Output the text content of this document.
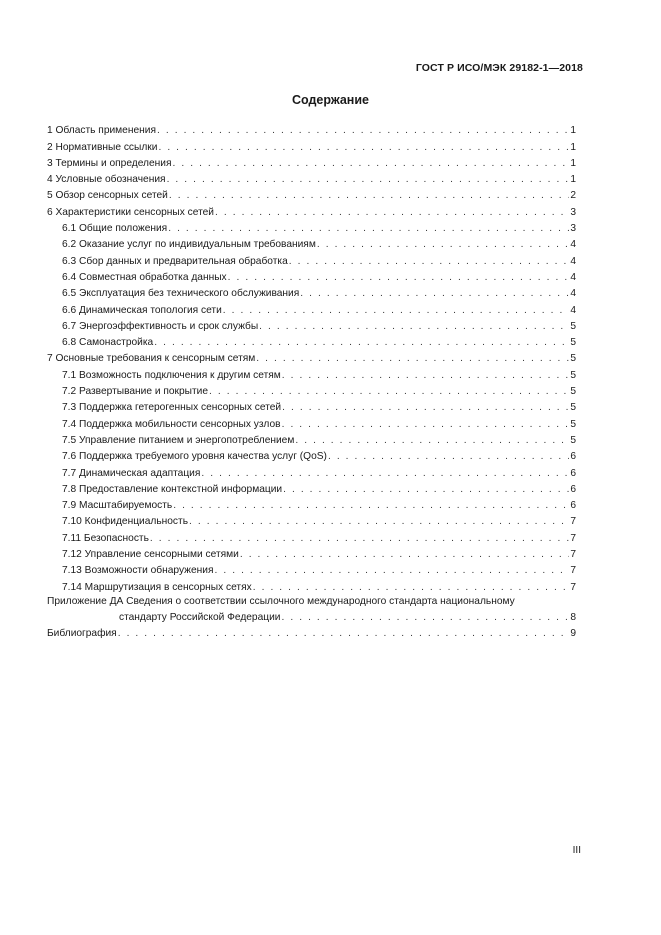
ГОСТ Р ИСО/МЭК 29182-1—2018
Содержание
1 Область применения . . .	1
2 Нормативные ссылки . . .	1
3 Термины и определения . . .	1
4 Условные обозначения . . .	1
5 Обзор сенсорных сетей . . .	2
6 Характеристики сенсорных сетей . . .	3
6.1 Общие положения . . .	3
6.2 Оказание услуг по индивидуальным требованиям . . .	4
6.3 Сбор данных и предварительная обработка . . .	4
6.4 Совместная обработка данных . . .	4
6.5 Эксплуатация без технического обслуживания . . .	4
6.6 Динамическая топология сети . . .	4
6.7 Энергоэффективность и срок службы . . .	5
6.8 Самонастройка . . .	5
7 Основные требования к сенсорным сетям . . .	5
7.1 Возможность подключения к другим сетям . . .	5
7.2 Развертывание и покрытие . . .	5
7.3 Поддержка гетерогенных сенсорных сетей . . .	5
7.4 Поддержка мобильности сенсорных узлов . . .	5
7.5 Управление питанием и энергопотреблением . . .	5
7.6 Поддержка требуемого уровня качества услуг (QoS) . . .	6
7.7 Динамическая адаптация . . .	6
7.8 Предоставление контекстной информации . . .	6
7.9 Масштабируемость . . .	6
7.10 Конфиденциальность . . .	7
7.11 Безопасность . . .	7
7.12 Управление сенсорными сетями . . .	7
7.13 Возможности обнаружения . . .	7
7.14 Маршрутизация в сенсорных сетях . . .	7
Приложение ДА Сведения о соответствии ссылочного международного стандарта национальному
стандарту Российской Федерации . . .	8
Библиография . . .	9
III
